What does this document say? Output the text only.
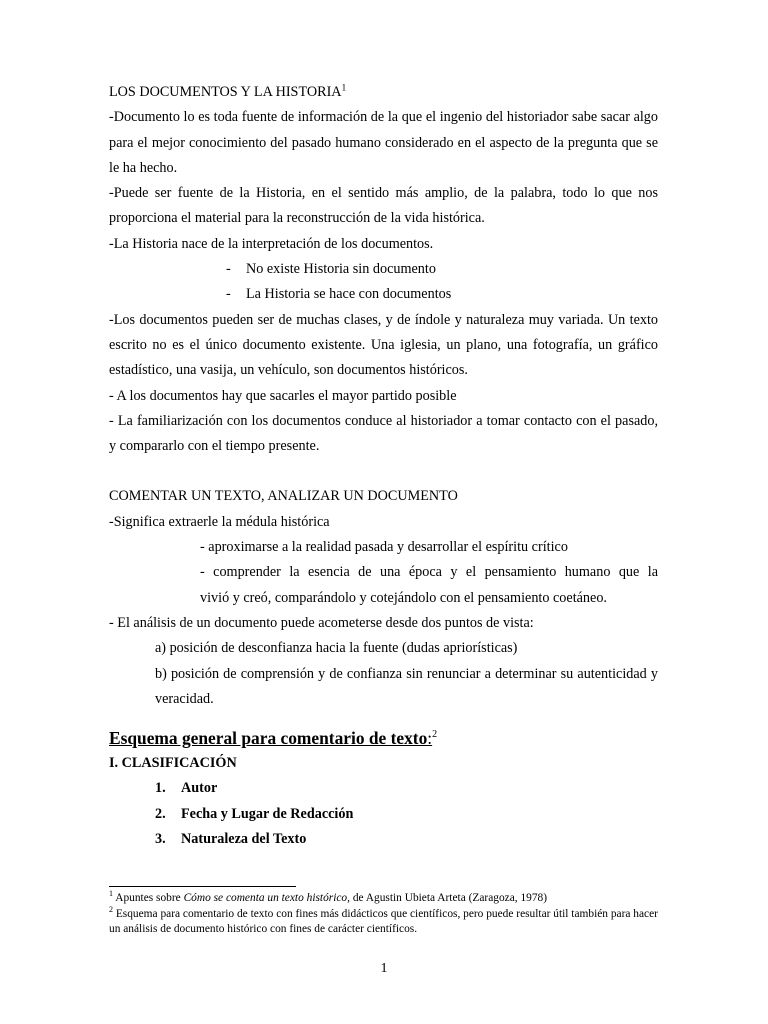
LOS DOCUMENTOS Y LA HISTORIA$^1$

-Documento lo es toda fuente de información de la que el ingenio del historiador sabe sacar algo para el mejor conocimiento del pasado humano considerado en el aspecto de la pregunta que se le ha hecho.

-Puede ser fuente de la Historia, en el sentido más amplio, de la palabra, todo lo que nos proporciona el material para la reconstrucción de la vida histórica.

-La Historia nace de la interpretación de los documentos.

- No existe Historia sin documento

- La Historia se hace con documentos

-Los documentos pueden ser de muchas clases, y de índole y naturaleza muy variada. Un texto escrito no es el único documento existente. Una iglesia, un plano, una fotografía, un gráfico estadístico, una vasija, un vehículo, son documentos históricos.

- A los documentos hay que sacarles el mayor partido posible

- La familiarización con los documentos conduce al historiador a tomar contacto con el pasado, y compararlo con el tiempo presente.

COMENTAR UN TEXTO, ANALIZAR UN DOCUMENTO

-Significa extraerle la médula histórica

- aproximarse a la realidad pasada y desarrollar el espíritu crítico

- comprender la esencia de una época y el pensamiento humano que la

vivió y creó, comparándolo y cotejándolo con el pensamiento coetáneo.

- El análisis de un documento puede acometerse desde dos puntos de vista:

a) posición de desconfianza hacia la fuente (dudas apriorísticas)

b) posición de comprensión y de confianza sin renunciar a determinar su autenticidad y veracidad.

Esquema general para comentario de texto:$^2$

I. CLASIFICACIÓN

1. Autor

2. Fecha y Lugar de Redacción

3. Naturaleza del Texto

$^1$ Apuntes sobre Cómo se comenta un texto histórico, de Agustin Ubieta Arteta (Zaragoza, 1978)

$^2$ Esquema para comentario de texto con fines más didácticos que científicos, pero puede resultar útil también para hacer un análisis de documento histórico con fines de carácter científicos.

1
